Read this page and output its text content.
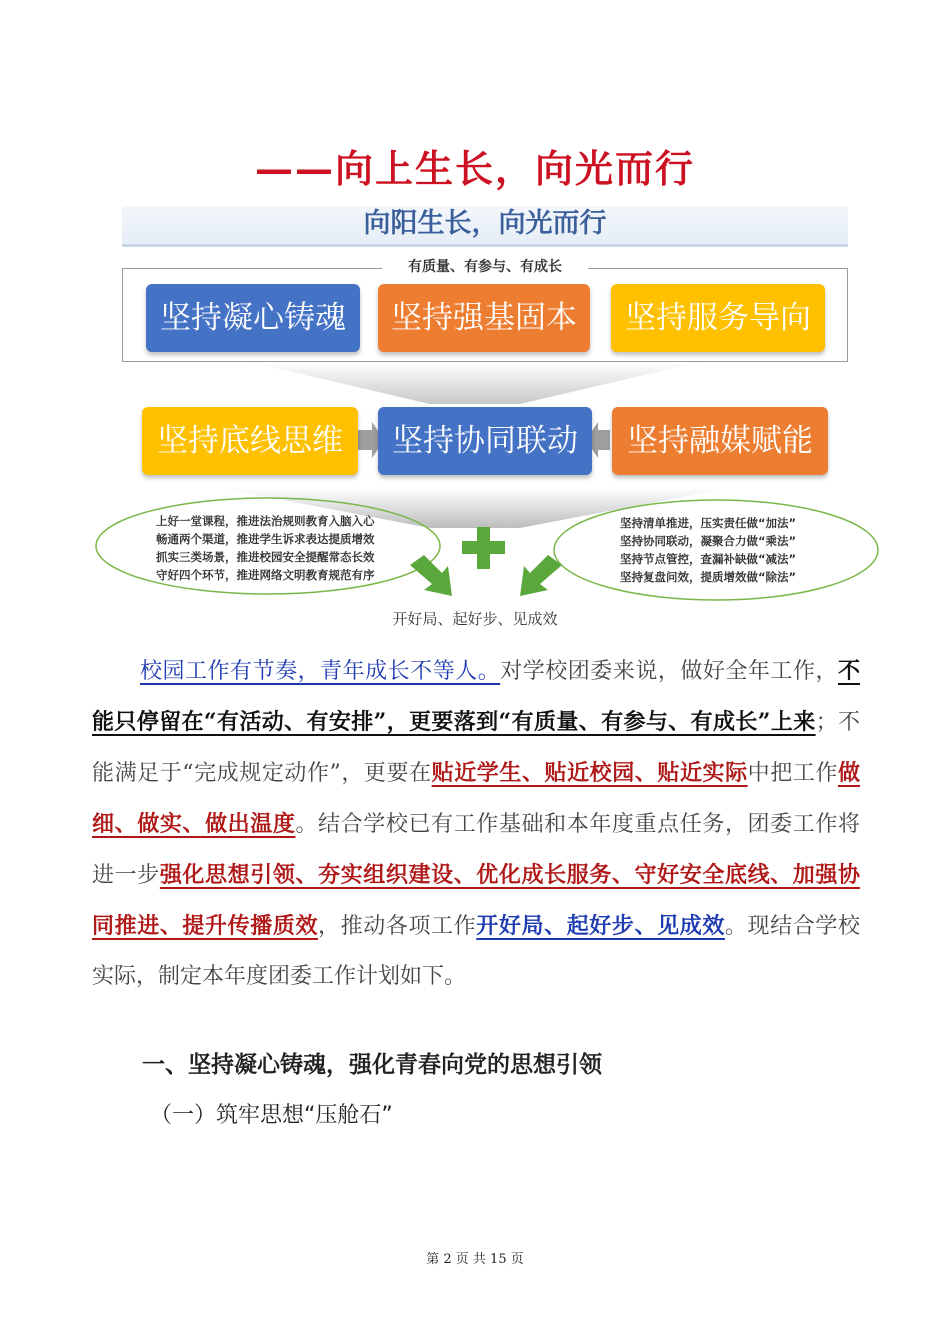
——向上生长，向光而行
向阳生长，向光而行
有质量、有参与、有成长
坚持凝心铸魂	坚持强基固本	坚持服务导向
坚持底线思维	坚持协同联动	坚持融媒赋能
上好一堂课程，推进法治规则教育入脑入心
畅通两个渠道，推进学生诉求表达提质增效
抓实三类场景，推进校园安全提醒常态长效
守好四个环节，推进网络文明教育规范有序
坚持清单推进，压实责任做“加法”
坚持协同联动，凝聚合力做“乘法”
坚持节点管控，查漏补缺做“减法”
坚持复盘问效，提质增效做“除法”
开好局、起好步、见成效
校园工作有节奏，青年成长不等人。对学校团委来说，做好全年工作，不能只停留在“有活动、有安排”，更要落到“有质量、有参与、有成长”上来；不能满足于“完成规定动作”，更要在贴近学生、贴近校园、贴近实际中把工作做细、做实、做出温度。结合学校已有工作基础和本年度重点任务，团委工作将进一步强化思想引领、夯实组织建设、优化成长服务、守好安全底线、加强协同推进、提升传播质效，推动各项工作开好局、起好步、见成效。现结合学校实际，制定本年度团委工作计划如下。
一、坚持凝心铸魂，强化青春向党的思想引领
（一）筑牢思想“压舱石”
第 2 页 共 15 页
